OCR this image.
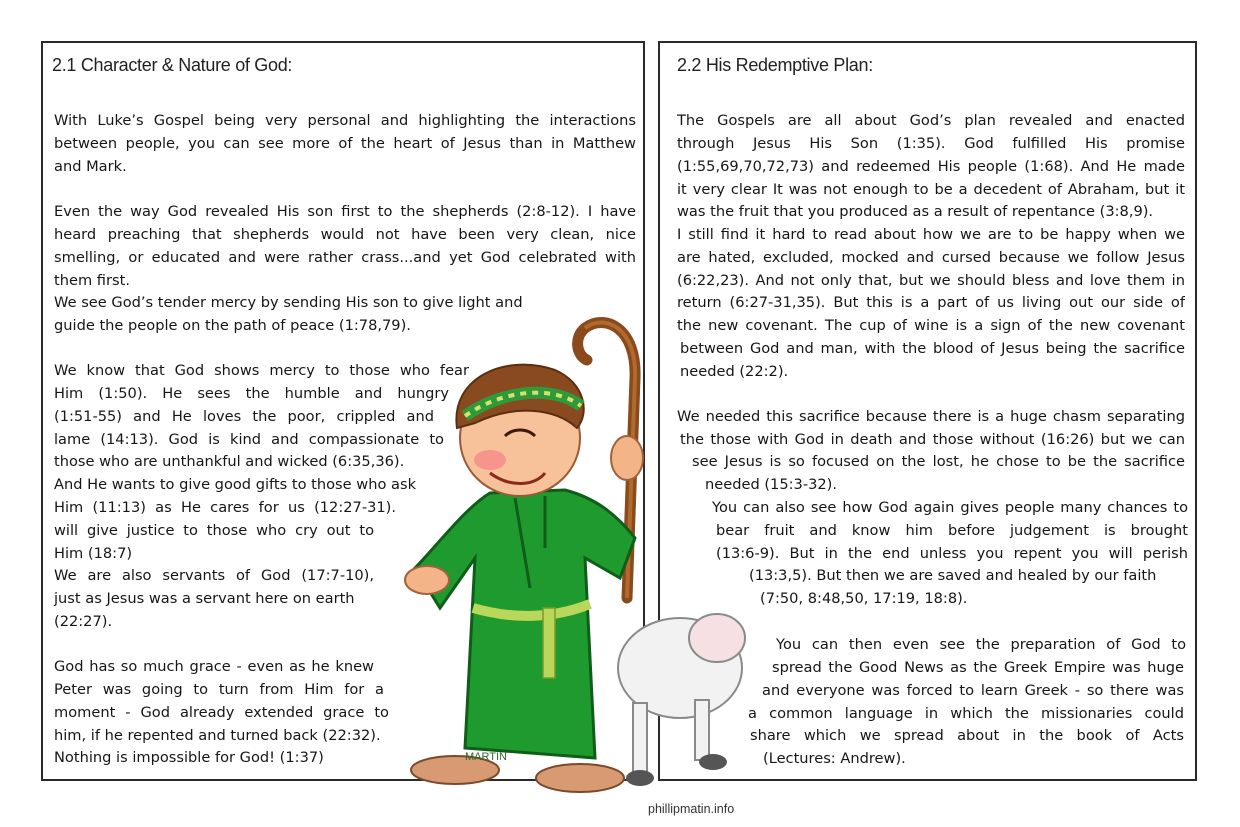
2.1 Character & Nature of God:
With Luke’s Gospel being very personal and highlighting the interactions
between people, you can see more of the heart of Jesus than in Matthew
and Mark.
Even the way God revealed His son first to the shepherds (2:8-12). I have
heard preaching that shepherds would not have been very clean, nice
smelling, or educated and were rather crass...and yet God celebrated with
them first.
We see God’s tender mercy by sending His son to give light and
guide the people on the path of peace (1:78,79).
We know that God shows mercy to those who fear
Him (1:50). He sees the humble and hungry
(1:51-55) and He loves the poor, crippled and
lame (14:13). God is kind and compassionate to
those who are unthankful and wicked (6:35,36).
And He wants to give good gifts to those who ask
Him (11:13) as He cares for us (12:27-31).
will give justice to those who cry out to
Him (18:7)
We are also servants of God (17:7-10),
just as Jesus was a servant here on earth
(22:27).
God has so much grace - even as he knew
Peter was going to turn from Him for a
moment - God already extended grace to
him, if he repented and turned back (22:32).
Nothing is impossible for God! (1:37)
2.2 His Redemptive Plan:
The Gospels are all about God’s plan revealed and enacted
through Jesus His Son (1:35). God fulfilled His promise
(1:55,69,70,72,73) and redeemed His people (1:68). And He made
it very clear It was not enough to be a decedent of Abraham, but it
was the fruit that you produced as a result of repentance (3:8,9).
I still find it hard to read about how we are to be happy when we
are hated, excluded, mocked and cursed because we follow Jesus
(6:22,23). And not only that, but we should bless and love them in
return (6:27-31,35). But this is a part of us living out our side of
the new covenant. The cup of wine is a sign of the new covenant
between God and man, with the blood of Jesus being the sacrifice
needed (22:2).
We needed this sacrifice because there is a huge chasm separating
the those with God in death and those without (16:26) but we can
see Jesus is so focused on the lost, he chose to be the sacrifice
needed (15:3-32).
You can also see how God again gives people many chances to
bear fruit and know him before judgement is brought
(13:6-9). But in the end unless you repent you will perish
(13:3,5). But then we are saved and healed by our faith
(7:50, 8:48,50, 17:19, 18:8).
You can then even see the preparation of God to
spread the Good News as the Greek Empire was huge
and everyone was forced to learn Greek - so there was
a common language in which the missionaries could
share which we spread about in the book of Acts
(Lectures: Andrew).
MARTIN
phillipmatin.info
